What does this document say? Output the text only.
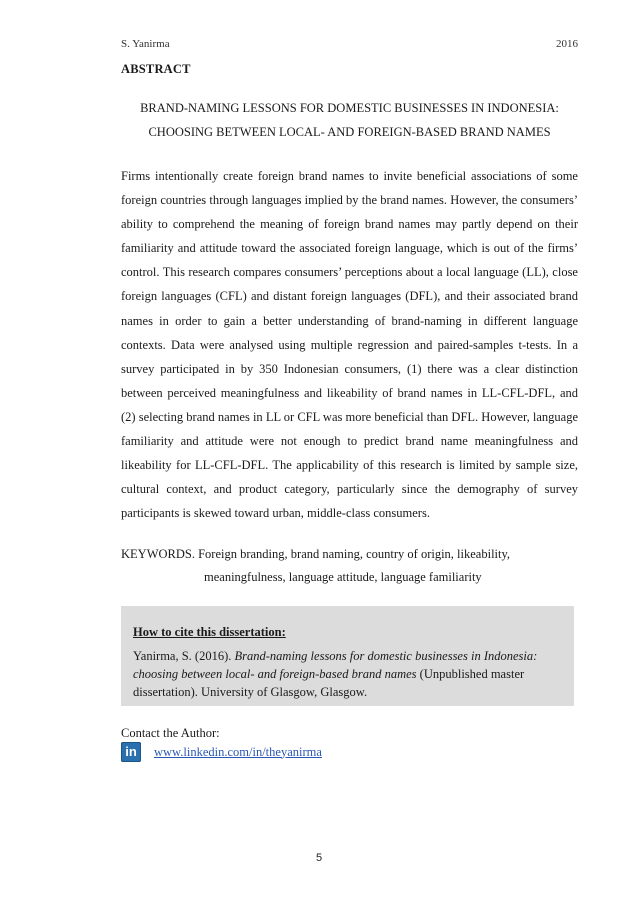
S. Yanirma	2016
ABSTRACT
BRAND-NAMING LESSONS FOR DOMESTIC BUSINESSES IN INDONESIA:
CHOOSING BETWEEN LOCAL- AND FOREIGN-BASED BRAND NAMES

Firms intentionally create foreign brand names to invite beneficial associations of some foreign countries through languages implied by the brand names. However, the consumers’ ability to comprehend the meaning of foreign brand names may partly depend on their familiarity and attitude toward the associated foreign language, which is out of the firms’ control. This research compares consumers’ perceptions about a local language (LL), close foreign languages (CFL) and distant foreign languages (DFL), and their associated brand names in order to gain a better understanding of brand-naming in different language contexts. Data were analysed using multiple regression and paired-samples t-tests. In a survey participated in by 350 Indonesian consumers, (1) there was a clear distinction between perceived meaningfulness and likeability of brand names in LL-CFL-DFL, and (2) selecting brand names in LL or CFL was more beneficial than DFL. However, language familiarity and attitude were not enough to predict brand name meaningfulness and likeability for LL-CFL-DFL. The applicability of this research is limited by sample size, cultural context, and product category, particularly since the demography of survey participants is skewed toward urban, middle-class consumers.

KEYWORDS. Foreign branding, brand naming, country of origin, likeability,
meaningfulness, language attitude, language familiarity
How to cite this dissertation:
Yanirma, S. (2016). Brand-naming lessons for domestic businesses in Indonesia: choosing between local- and foreign-based brand names (Unpublished master dissertation). University of Glasgow, Glasgow.
Contact the Author:
in	www.linkedin.com/in/theyanirma
5
